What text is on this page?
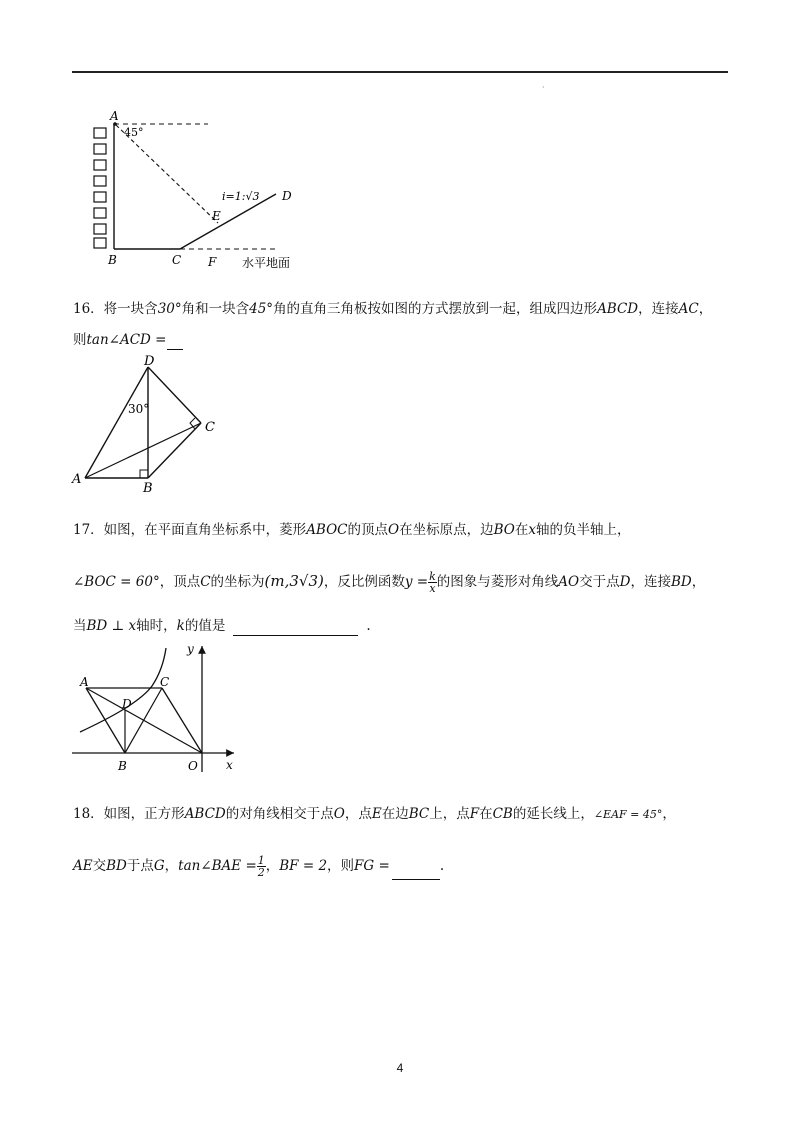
·
A
45°
i=1:√3 D
E
B	C F 水平地面
16．将一块含30°角和一块含45°角的直角三角板按如图的方式摆放到一起，组成四边形ABCD，连接AC，
则tan∠ACD =
D
30°
C
A
B
17．如图，在平面直角坐标系中，菱形ABOC的顶点O在坐标原点，边BO在x轴的负半轴上，
∠BOC = 60°，顶点C的坐标为(m,3√3)，反比例函数$y = \frac{k}{x}$ 的图象与菱形对角线AO交于点D，连接BD，
当BD ⊥ x轴时，k的值是	.
y
A	C
D
B	O x
18．如图，正方形ABCD的对角线相交于点O，点E在边BC上，点F在CB的延长线上，∠EAF = 45°，
AE交BD于点G，tan∠BAE = $\frac{1}{2}$ ，BF = 2，则FG =	.
4
